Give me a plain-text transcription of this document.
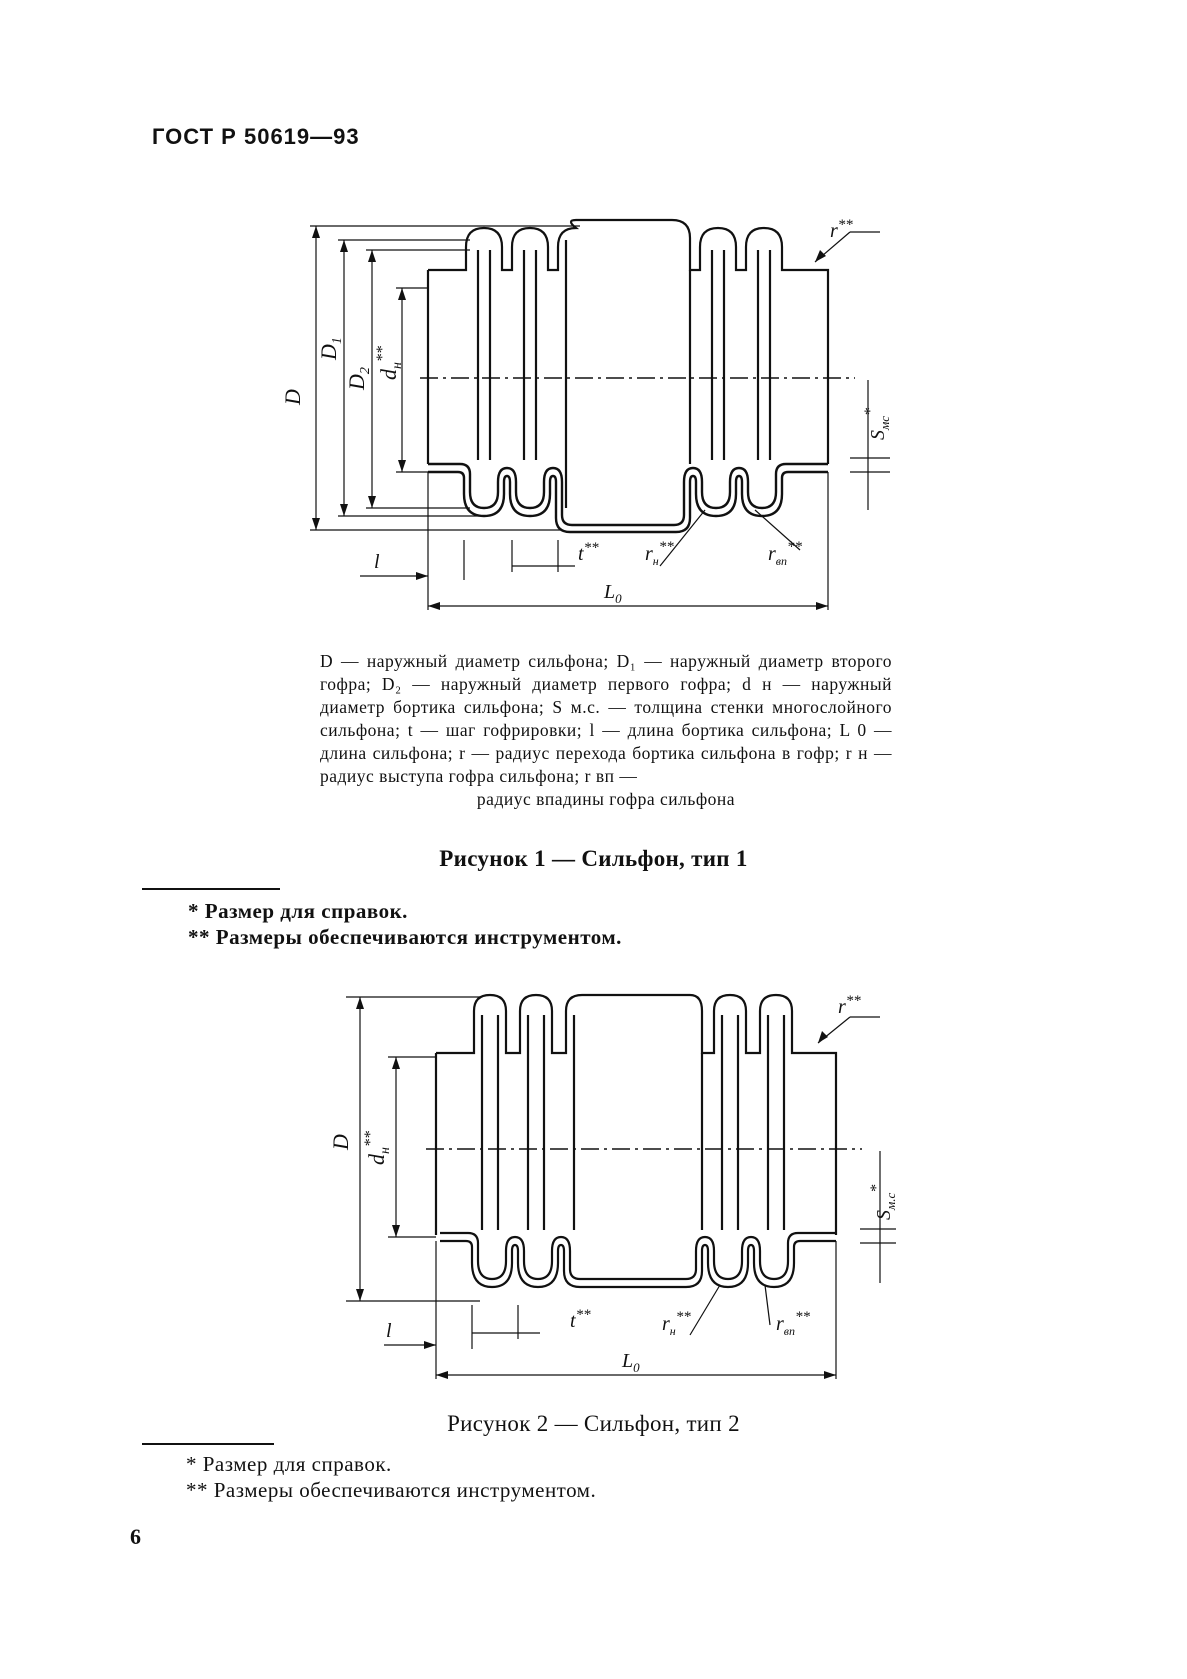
ГОСТ Р 50619—93
D
$D_1$
$D_2$ $d_н^{**}$
$S_{мс}^*$
r**
t** $r_н^{**}$	$r_{вп}^{**}$
l
$L_0$
D — наружный диаметр сильфона; D₁ — наружный диаметр второго гофра; D₂ — наружный диаметр первого гофра; d н — наружный диаметр бортика сильфона; S м.с. — толщина стенки многослойного сильфона; t — шаг гофрировки; l — длина бортика сильфона; L 0 — длина сильфона; r — радиус перехода бортика сильфона в гофр; r н — радиус выступа гофра сильфона; r вп —
радиус впадины гофра сильфона
Рисунок 1 — Сильфон, тип 1
* Размер для справок.
** Размеры обеспечиваются инструментом.
D
$d_н^{**}$
$S_{м.с}^*$
r**
t**	$r_н^{**}$	$r_{вп}^{**}$
l
$L_0$
Рисунок 2 — Сильфон, тип 2
* Размер для справок.
** Размеры обеспечиваются инструментом.
6
